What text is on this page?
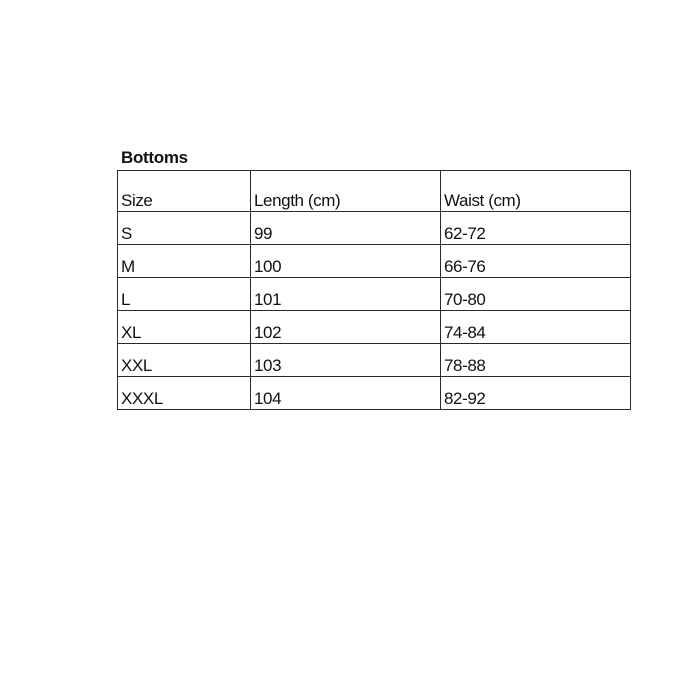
Bottoms
Size	Length (cm)	Waist (cm)
S	99	62-72
M	100	66-76
L	101	70-80
XL	102	74-84
XXL	103	78-88
XXXL	104	82-92
